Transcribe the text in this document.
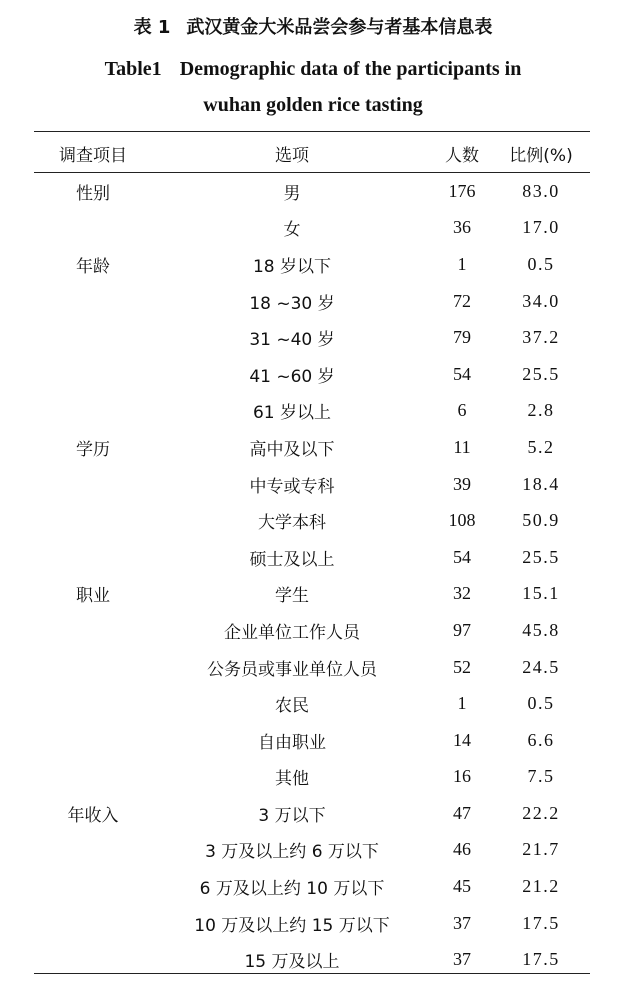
表 1 武汉黄金大米品尝会参与者基本信息表
Table1 Demographic data of the participants in
wuhan golden rice tasting
调查项目	选项	人数	比例(%)
性别	男	176	83.0
	女	36	17.0
年龄	18 岁以下	1	0.5
	18 ~30 岁	72	34.0
	31 ~40 岁	79	37.2
	41 ~60 岁	54	25.5
	61 岁以上	6	2.8
学历	高中及以下	11	5.2
	中专或专科	39	18.4
	大学本科	108	50.9
	硕士及以上	54	25.5
职业	学生	32	15.1
	企业单位工作人员	97	45.8
	公务员或事业单位人员	52	24.5
	农民	1	0.5
	自由职业	14	6.6
	其他	16	7.5
年收入	3 万以下	47	22.2
	3 万及以上约 6 万以下	46	21.7
	6 万及以上约 10 万以下	45	21.2
	10 万及以上约 15 万以下	37	17.5
	15 万及以上	37	17.5
